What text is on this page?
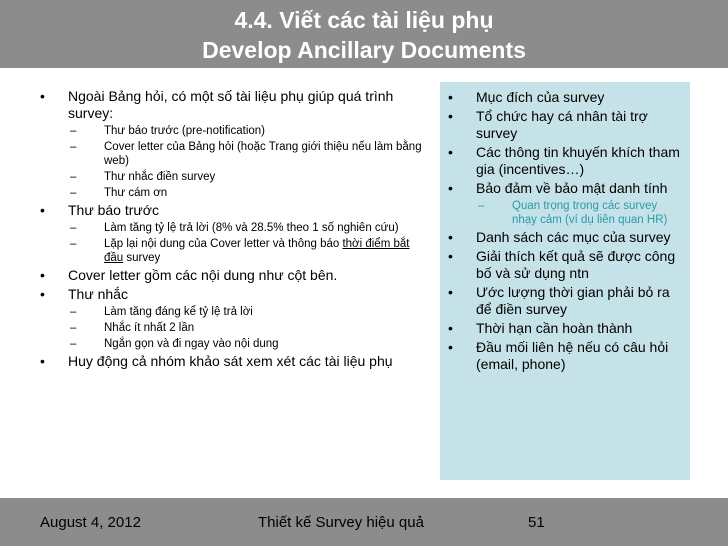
4.4. Viết các tài liệu phụ
Develop Ancillary Documents
•	Ngoài Bảng hỏi, có một số tài liệu phụ giúp quá trình survey:
–	Thư báo trước (pre-notification)
–	Cover letter của Bảng hỏi (hoặc Trang giới thiệu nếu làm bằng web)
–	Thư nhắc điền survey
–	Thư cám ơn
•	Thư báo trước
–	Làm tăng tỷ lệ trả lời (8% và 28.5% theo 1 số nghiên cứu)
–	Lặp lại nội dung của Cover letter và thông báo thời điểm bắt đầu survey
•	Cover letter gồm các nội dung như cột bên.
•	Thư nhắc
–	Làm tăng đáng kể tỷ lệ trả lời
–	Nhắc ít nhất 2 lần
–	Ngắn gọn và đi ngay vào nội dung
•	Huy động cả nhóm khảo sát xem xét các tài liệu phụ
•	Mục đích của survey
•	Tổ chức hay cá nhân tài trợ survey
•	Các thông tin khuyến khích tham gia (incentives…)
•	Bảo đảm về bảo mật danh tính
–	Quan trọng trong các survey nhạy cảm (ví dụ liên quan HR)
•	Danh sách các mục của survey
•	Giải thích kết quả sẽ được công bố và sử dụng ntn
•	Ước lượng thời gian phải bỏ ra để điền survey
•	Thời hạn cần hoàn thành
•	Đầu mối liên hệ nếu có câu hỏi (email, phone)
August 4, 2012	Thiết kế Survey hiệu quả	51
